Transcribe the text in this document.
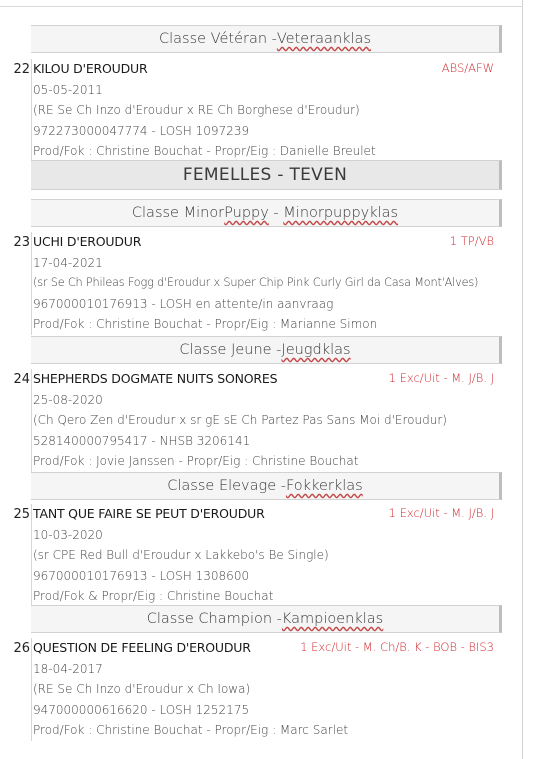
Classe Vétéran - Veteraanklas
22	ABS/AFW
KILOU D'EROUDUR
05-05-2011
(RE Se Ch Inzo d'Eroudur x RE Ch Borghese d'Eroudur)
972273000047774 - LOSH 1097239
Prod/Fok : Christine Bouchat - Propr/Eig : Danielle Breulet
FEMELLES - TEVEN
Classe Minor Puppy - Minorpuppyklas
23	1 TP/VB
UCHI D'EROUDUR
17-04-2021
(sr Se Ch Phileas Fogg d'Eroudur x Super Chip Pink Curly Girl da Casa Mont'Alves)
967000010176913 - LOSH en attente/in aanvraag
Prod/Fok : Christine Bouchat - Propr/Eig : Marianne Simon
Classe Jeune - Jeugdklas
24	1 Exc/Uit - M. J/B. J
SHEPHERDS DOGMATE NUITS SONORES
25-08-2020
(Ch Qero Zen d'Eroudur x sr gE sE Ch Partez Pas Sans Moi d'Eroudur)
528140000795417 - NHSB 3206141
Prod/Fok : Jovie Janssen - Propr/Eig : Christine Bouchat
Classe Elevage - Fokkerklas
25	1 Exc/Uit - M. J/B. J
TANT QUE FAIRE SE PEUT D'EROUDUR
10-03-2020
(sr CPE Red Bull d'Eroudur x Lakkebo's Be Single)
967000010176913 - LOSH 1308600
Prod/Fok & Propr/Eig : Christine Bouchat
Classe Champion - Kampioenklas
26	1 Exc/Uit - M. Ch/B. K - BOB - BIS3
QUESTION DE FEELING D'EROUDUR
18-04-2017
(RE Se Ch Inzo d'Eroudur x Ch Iowa)
947000000616620 - LOSH 1252175
Prod/Fok : Christine Bouchat - Propr/Eig : Marc Sarlet
